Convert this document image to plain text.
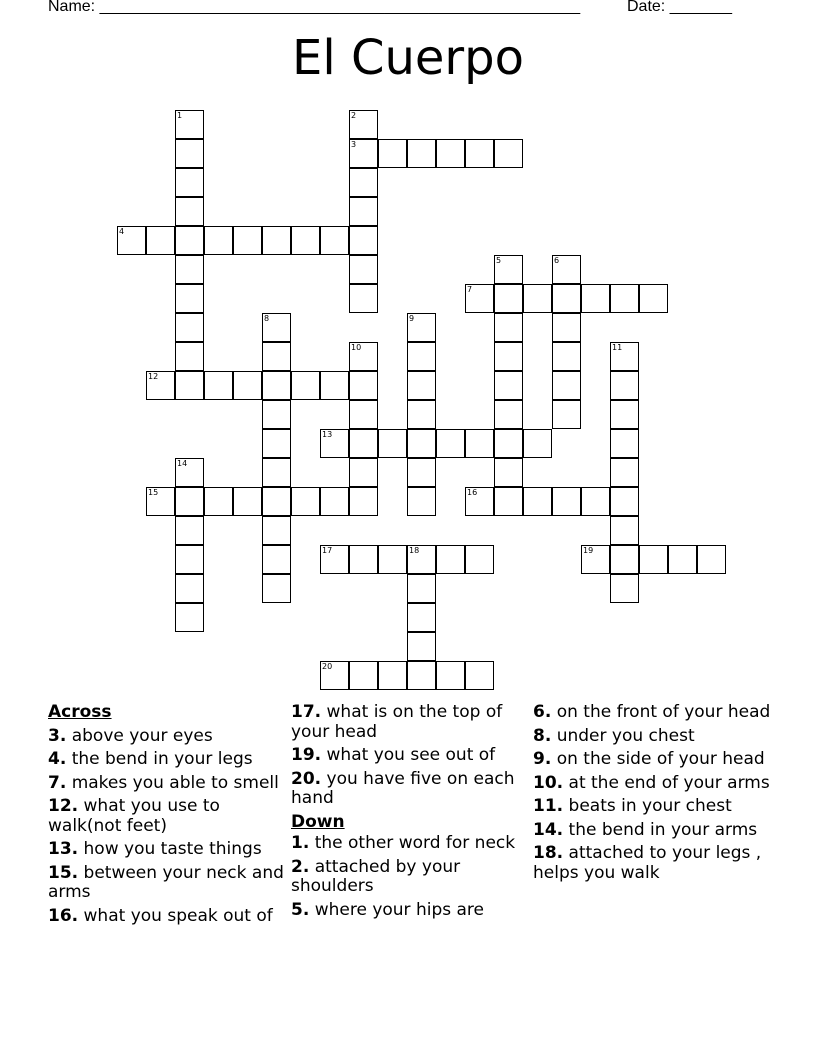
Name: ______________________________________________________	Date: _______
El Cuerpo
1	2
3
4
5	6
7
8	9
10	11
12
13
14
15	16
17	18	19
20
Across
3. above your eyes
4. the bend in your legs
7. makes you able to smell
12. what you use to walk(not feet)
13. how you taste things
15. between your neck and arms
16. what you speak out of
17. what is on the top of your head
19. what you see out of
20. you have five on each hand
Down
1. the other word for neck
2. attached by your shoulders
5. where your hips are
6. on the front of your head
8. under you chest
9. on the side of your head
10. at the end of your arms
11. beats in your chest
14. the bend in your arms
18. attached to your legs , helps you walk
